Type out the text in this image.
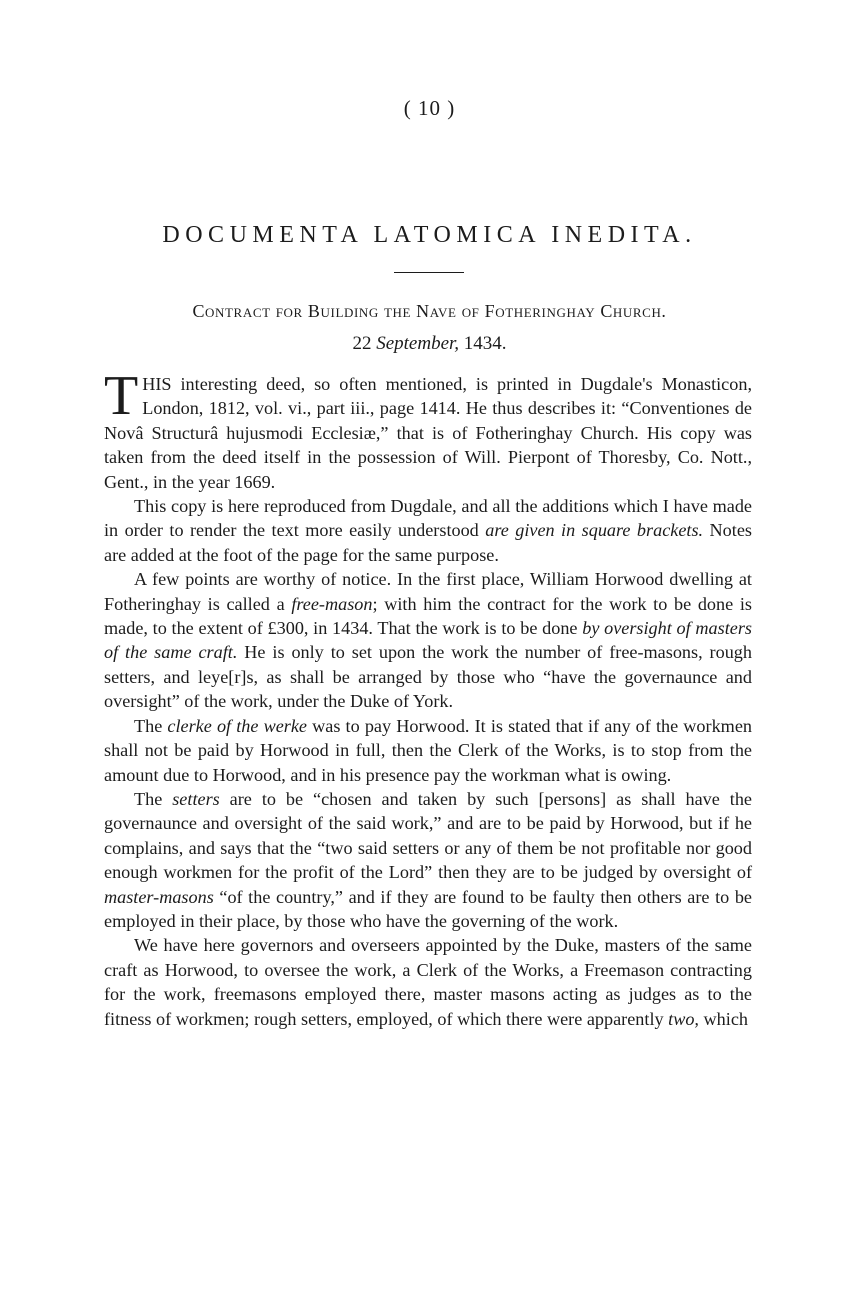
( 10 )
DOCUMENTA LATOMICA INEDITA.
Contract for Building the Nave of Fotheringhay Church.
22 September, 1434.

THIS interesting deed, so often mentioned, is printed in Dugdale's Monasticon, London, 1812, vol. vi., part iii., page 1414. He thus describes it: “Conventiones de Novâ Structurâ hujusmodi Ecclesiæ,” that is of Fotheringhay Church. His copy was taken from the deed itself in the possession of Will. Pierpont of Thoresby, Co. Nott., Gent., in the year 1669.

This copy is here reproduced from Dugdale, and all the additions which I have made in order to render the text more easily understood are given in square brackets. Notes are added at the foot of the page for the same purpose.

A few points are worthy of notice. In the first place, William Horwood dwelling at Fotheringhay is called a free-mason; with him the contract for the work to be done is made, to the extent of £300, in 1434. That the work is to be done by oversight of masters of the same craft. He is only to set upon the work the number of free-masons, rough setters, and leye[r]s, as shall be arranged by those who “have the governaunce and oversight” of the work, under the Duke of York.

The clerke of the werke was to pay Horwood. It is stated that if any of the workmen shall not be paid by Horwood in full, then the Clerk of the Works, is to stop from the amount due to Horwood, and in his presence pay the workman what is owing.

The setters are to be “chosen and taken by such [persons] as shall have the governaunce and oversight of the said work,” and are to be paid by Horwood, but if he complains, and says that the “two said setters or any of them be not profitable nor good enough workmen for the profit of the Lord” then they are to be judged by oversight of master-masons “of the country,” and if they are found to be faulty then others are to be employed in their place, by those who have the governing of the work.

We have here governors and overseers appointed by the Duke, masters of the same craft as Horwood, to oversee the work, a Clerk of the Works, a Freemason contracting for the work, freemasons employed there, master masons acting as judges as to the fitness of workmen; rough setters, employed, of which there were apparently two, which
